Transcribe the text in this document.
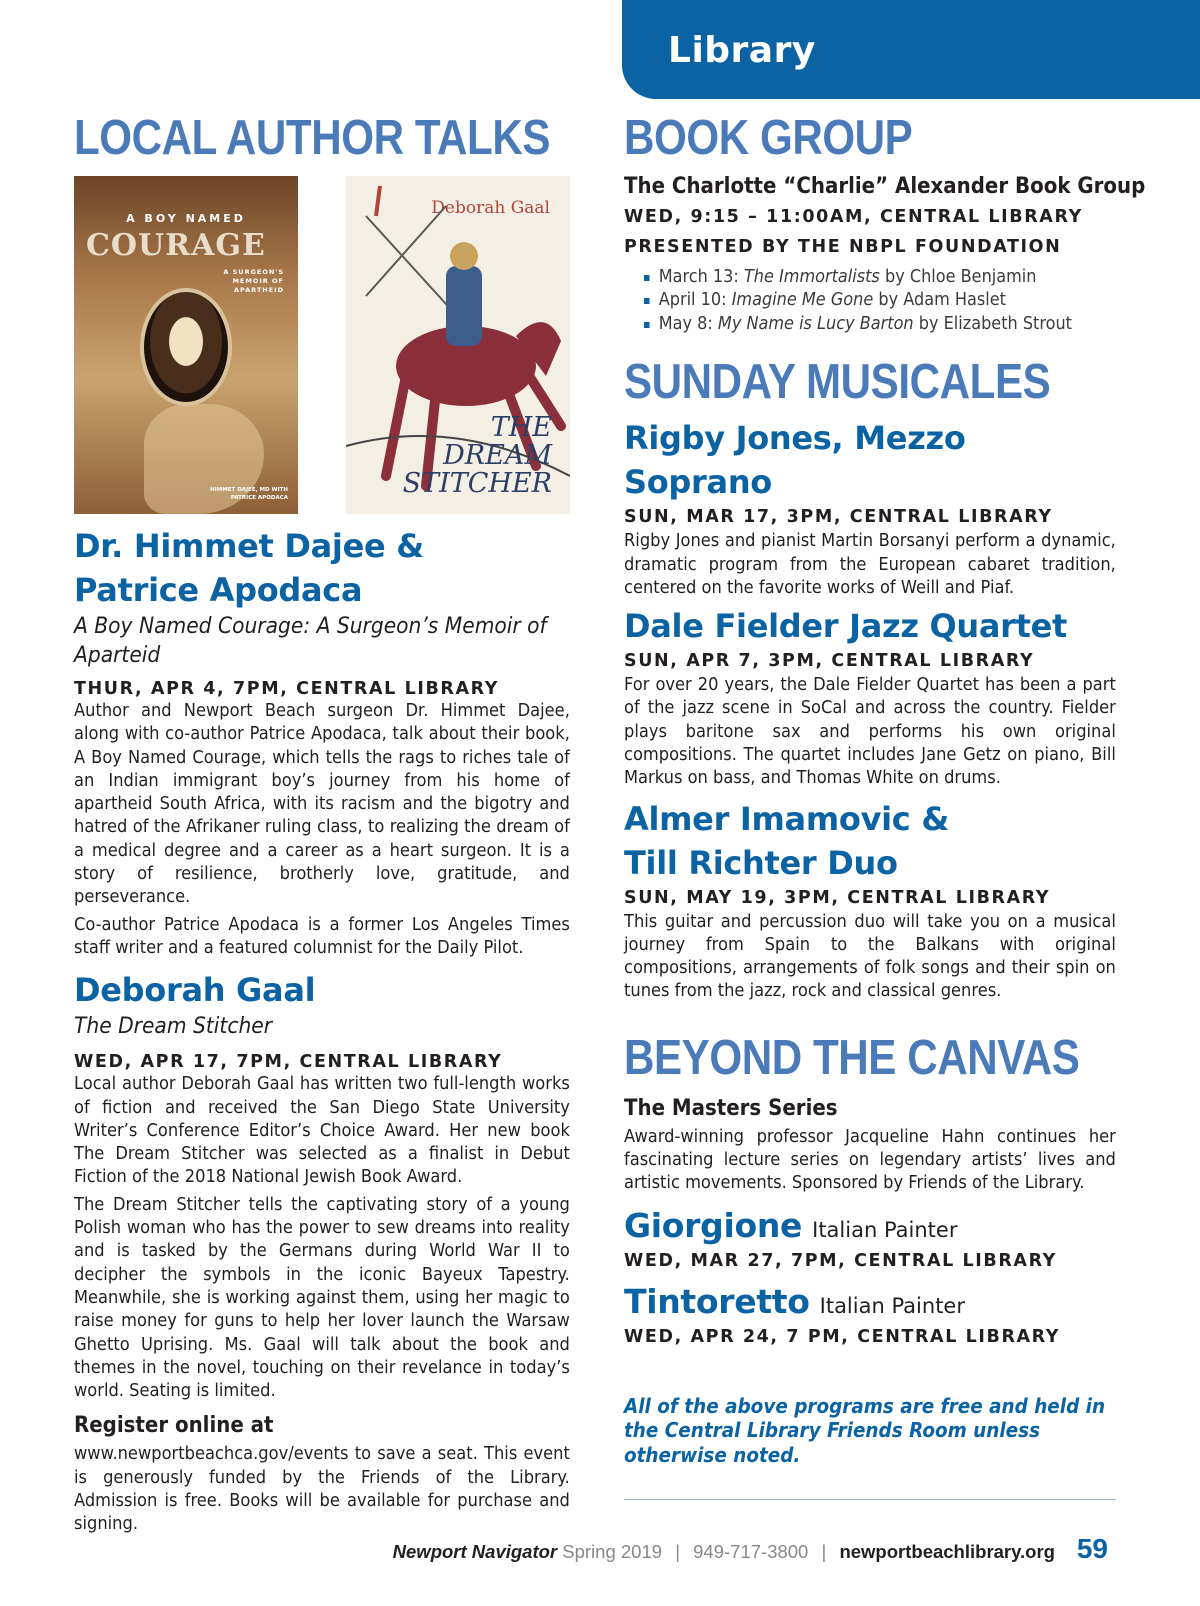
Library
LOCAL AUTHOR TALKS
A BOY NAMED
COURAGE
A SURGEON'S MEMOIR OF APARTHEID
HIMMET DAJEE, MD WITH PATRICE APODACA
Deborah Gaal
THE DREAM STITCHER
Dr. Himmet Dajee &
Patrice Apodaca
A Boy Named Courage: A Surgeon’s Memoir of
Aparteid
THUR, APR 4, 7PM, CENTRAL LIBRARY

Author and Newport Beach surgeon Dr. Himmet Dajee, along with co-author Patrice Apodaca, talk about their book, A Boy Named Courage, which tells the rags to riches tale of an Indian immigrant boy’s journey from his home of apartheid South Africa, with its racism and the bigotry and hatred of the Afrikaner ruling class, to realizing the dream of a medical degree and a career as a heart surgeon. It is a story of resilience, brotherly love, gratitude, and perseverance.

Co-author Patrice Apodaca is a former Los Angeles Times staff writer and a featured columnist for the Daily Pilot.

Deborah Gaal
The Dream Stitcher
WED, APR 17, 7PM, CENTRAL LIBRARY

Local author Deborah Gaal has written two full-length works of fiction and received the San Diego State University Writer’s Conference Editor’s Choice Award. Her new book The Dream Stitcher was selected as a finalist in Debut Fiction of the 2018 National Jewish Book Award.

The Dream Stitcher tells the captivating story of a young Polish woman who has the power to sew dreams into reality and is tasked by the Germans during World War II to decipher the symbols in the iconic Bayeux Tapestry. Meanwhile, she is working against them, using her magic to raise money for guns to help her lover launch the Warsaw Ghetto Uprising. Ms. Gaal will talk about the book and themes in the novel, touching on their revelance in today’s world. Seating is limited.

Register online at

www.newportbeachca.gov/events to save a seat. This event is generously funded by the Friends of the Library. Admission is free. Books will be available for purchase and signing.

BOOK GROUP
The Charlotte “Charlie” Alexander Book Group
WED, 9:15 – 11:00AM, CENTRAL LIBRARY
PRESENTED BY THE NBPL FOUNDATION
March 13: The Immortalists by Chloe Benjamin
April 10: Imagine Me Gone by Adam Haslet
May 8: My Name is Lucy Barton by Elizabeth Strout
SUNDAY MUSICALES
Rigby Jones, Mezzo Soprano
SUN, MAR 17, 3PM, CENTRAL LIBRARY

Rigby Jones and pianist Martin Borsanyi perform a dynamic, dramatic program from the European cabaret tradition, centered on the favorite works of Weill and Piaf.

Dale Fielder Jazz Quartet
SUN, APR 7, 3PM, CENTRAL LIBRARY

For over 20 years, the Dale Fielder Quartet has been a part of the jazz scene in SoCal and across the country. Fielder plays baritone sax and performs his own original compositions. The quartet includes Jane Getz on piano, Bill Markus on bass, and Thomas White on drums.

Almer Imamovic &
Till Richter Duo
SUN, MAY 19, 3PM, CENTRAL LIBRARY

This guitar and percussion duo will take you on a musical journey from Spain to the Balkans with original compositions, arrangements of folk songs and their spin on tunes from the jazz, rock and classical genres.

BEYOND THE CANVAS
The Masters Series

Award-winning professor Jacqueline Hahn continues her fascinating lecture series on legendary artists’ lives and artistic movements. Sponsored by Friends of the Library.

Giorgione Italian Painter
WED, MAR 27, 7PM, CENTRAL LIBRARY
Tintoretto Italian Painter
WED, APR 24, 7 PM, CENTRAL LIBRARY

All of the above programs are free and held in the Central Library Friends Room unless otherwise noted.

Newport Navigator Spring 2019 | 949-717-3800 | newportbeachlibrary.org 59
